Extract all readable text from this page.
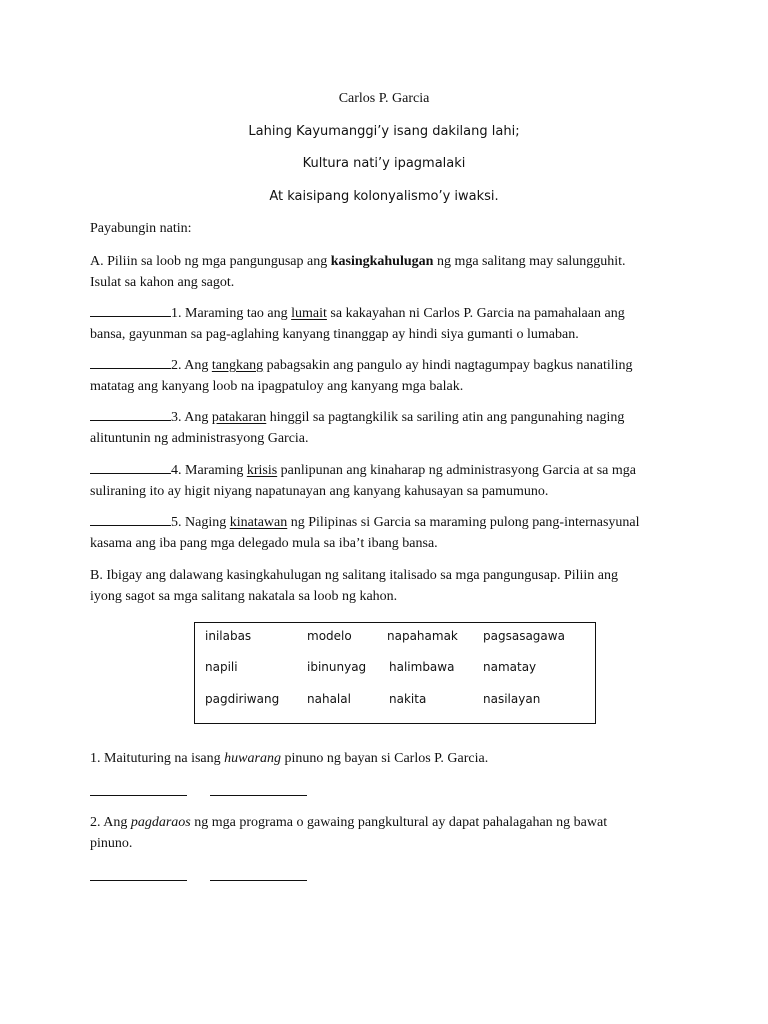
Carlos P. Garcia
Lahing Kayumanggi’y isang dakilang lahi;
Kultura nati’y ipagmalaki
At kaisipang kolonyalismo’y iwaksi.
Payabungin natin:
A. Piliin sa loob ng mga pangungusap ang kasingkahulugan ng mga salitang may salungguhit.
Isulat sa kahon ang sagot.
1. Maraming tao ang lumait sa kakayahan ni Carlos P. Garcia na pamahalaan ang
bansa, gayunman sa pag-aglahing kanyang tinanggap ay hindi siya gumanti o lumaban.
2. Ang tangkang pabagsakin ang pangulo ay hindi nagtagumpay bagkus nanatiling
matatag ang kanyang loob na ipagpatuloy ang kanyang mga balak.
3. Ang patakaran hinggil sa pagtangkilik sa sariling atin ang pangunahing naging
alituntunin ng administrasyong Garcia.
4. Maraming krisis panlipunan ang kinaharap ng administrasyong Garcia at sa mga
suliraning ito ay higit niyang napatunayan ang kanyang kahusayan sa pamumuno.
5. Naging kinatawan ng Pilipinas si Garcia sa maraming pulong pang-internasyunal
kasama ang iba pang mga delegado mula sa iba’t ibang bansa.
B. Ibigay ang dalawang kasingkahulugan ng salitang italisado sa mga pangungusap. Piliin ang
iyong sagot sa mga salitang nakatala sa loob ng kahon.
inilabas	modelo	napahamak pagsasagawa
napili	ibinunyag halimbawa namatay
pagdiriwang nahalal	nakita	nasilayan
1. Maituturing na isang huwarang pinuno ng bayan si Carlos P. Garcia.

2. Ang pagdaraos ng mga programa o gawaing pangkultural ay dapat pahalagahan ng bawat
pinuno.
